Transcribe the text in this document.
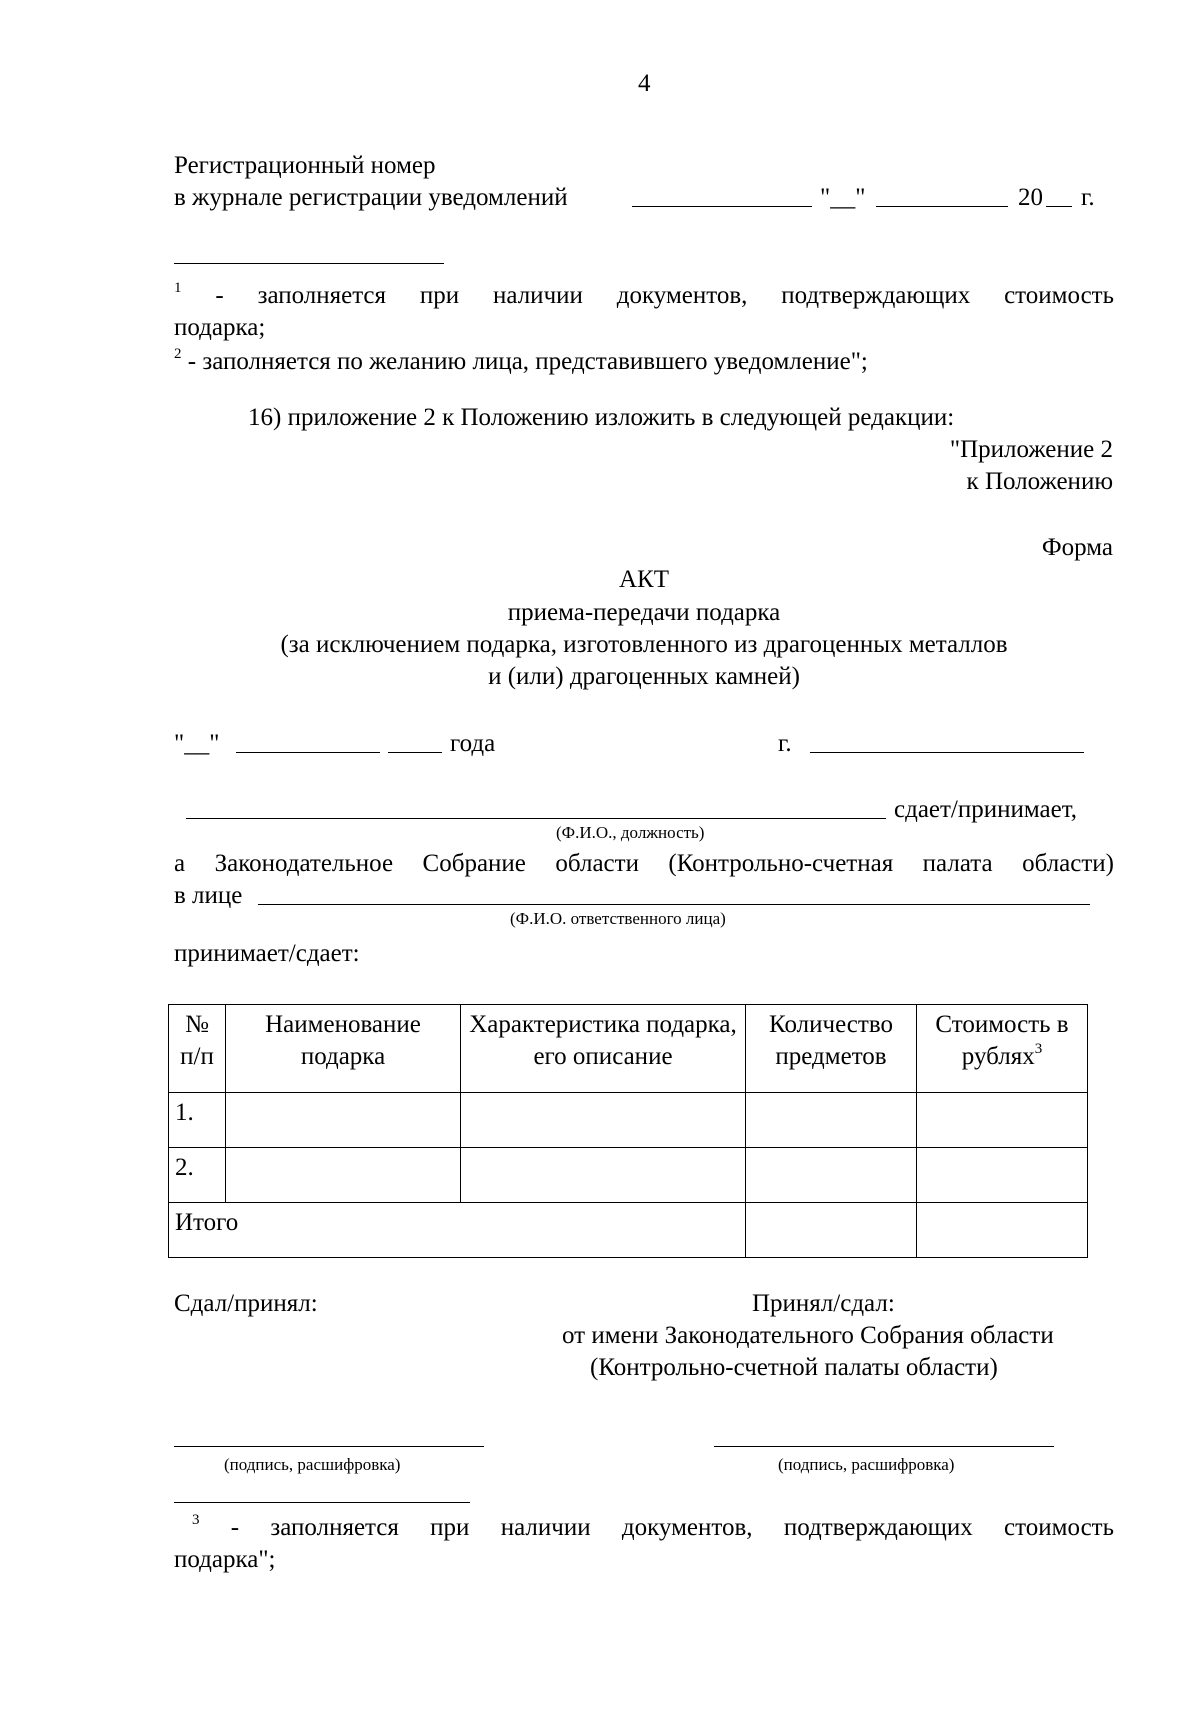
4
Регистрационный номер
в журнале регистрации уведомлений	"__"	20 г.
$^1$ - заполняется при наличии документов, подтверждающих стоимость
подарка;
$^2$ - заполняется по желанию лица, представившего уведомление";
16) приложение 2 к Положению изложить в следующей редакции:
"Приложение 2
к Положению
Форма
АКТ
приема-передачи подарка
(за исключением подарка, изготовленного из драгоценных металлов
и (или) драгоценных камней)
"__"	года	г.
сдает/принимает,
(Ф.И.О., должность)
а Законодательное Собрание области (Контрольно-счетная палата области)
в лице
(Ф.И.О. ответственного лица)
принимает/сдает:
№ п/п	Наименование подарка	Характеристика подарка, его описание	Количество предметов	Стоимость в рублях$^3$
1.				
2.				
Итого				
Сдал/принял:	Принял/сдал:
от имени Законодательного Собрания области
(Контрольно-счетной палаты области)
(подпись, расшифровка)	(подпись, расшифровка)
$^3$ - заполняется при наличии документов, подтверждающих стоимость
подарка";
